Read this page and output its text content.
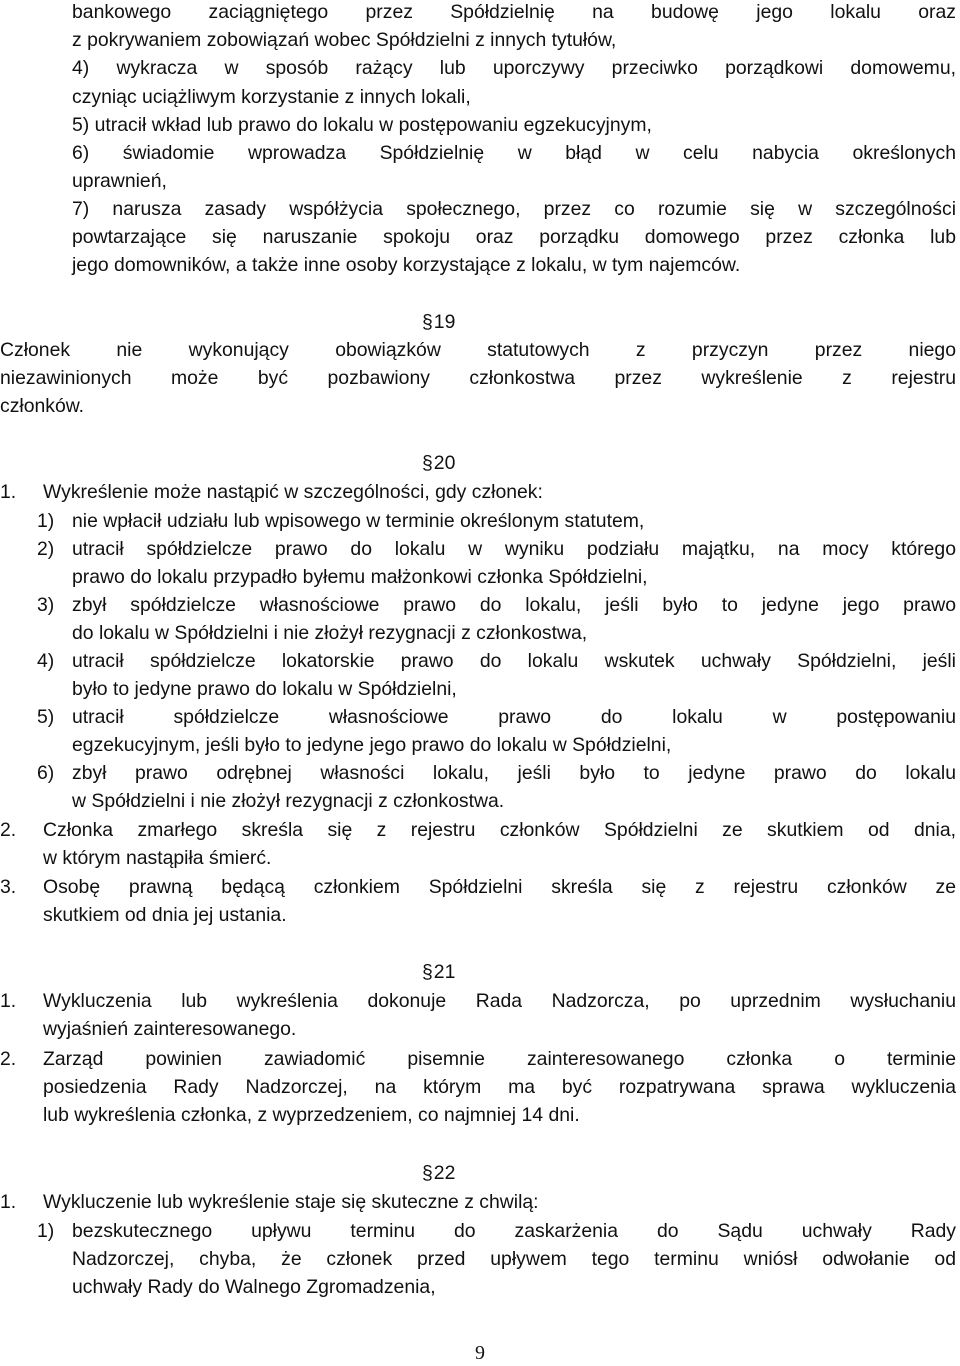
bankowego zaciągniętego przez Spółdzielnię na budowę jego lokalu oraz
z pokrywaniem zobowiązań wobec Spółdzielni z innych tytułów,
4) wykracza w sposób rażący lub uporczywy przeciwko porządkowi domowemu,
czyniąc uciążliwym korzystanie z innych lokali,
5) utracił wkład lub prawo do lokalu w postępowaniu egzekucyjnym,
6) świadomie wprowadza Spółdzielnię w błąd w celu nabycia określonych
uprawnień,
7) narusza zasady współżycia społecznego, przez co rozumie się w szczególności
powtarzające się naruszanie spokoju oraz porządku domowego przez członka lub
jego domowników, a także inne osoby korzystające z lokalu, w tym najemców.
§19
Członek nie wykonujący obowiązków statutowych z przyczyn przez niego
niezawinionych może być pozbawiony członkostwa przez wykreślenie z rejestru
członków.
§20
1. Wykreślenie może nastąpić w szczególności, gdy członek:
1) nie wpłacił udziału lub wpisowego w terminie określonym statutem,
2) utracił spółdzielcze prawo do lokalu w wyniku podziału majątku, na mocy którego
prawo do lokalu przypadło byłemu małżonkowi członka Spółdzielni,
3) zbył spółdzielcze własnościowe prawo do lokalu, jeśli było to jedyne jego prawo
do lokalu w Spółdzielni i nie złożył rezygnacji z członkostwa,
4) utracił spółdzielcze lokatorskie prawo do lokalu wskutek uchwały Spółdzielni, jeśli
było to jedyne prawo do lokalu w Spółdzielni,
5) utracił spółdzielcze własnościowe prawo do lokalu w postępowaniu
egzekucyjnym, jeśli było to jedyne jego prawo do lokalu w Spółdzielni,
6) zbył prawo odrębnej własności lokalu, jeśli było to jedyne prawo do lokalu
w Spółdzielni i nie złożył rezygnacji z członkostwa.
2. Członka zmarłego skreśla się z rejestru członków Spółdzielni ze skutkiem od dnia,
w którym nastąpiła śmierć.
3. Osobę prawną będącą członkiem Spółdzielni skreśla się z rejestru członków ze
skutkiem od dnia jej ustania.
§21
1. Wykluczenia lub wykreślenia dokonuje Rada Nadzorcza, po uprzednim wysłuchaniu
wyjaśnień zainteresowanego.
2. Zarząd powinien zawiadomić pisemnie zainteresowanego członka o terminie
posiedzenia Rady Nadzorczej, na którym ma być rozpatrywana sprawa wykluczenia
lub wykreślenia członka, z wyprzedzeniem, co najmniej 14 dni.
§22
1. Wykluczenie lub wykreślenie staje się skuteczne z chwilą:
1) bezskutecznego upływu terminu do zaskarżenia do Sądu uchwały Rady
Nadzorczej, chyba, że członek przed upływem tego terminu wniósł odwołanie od
uchwały Rady do Walnego Zgromadzenia,
9
